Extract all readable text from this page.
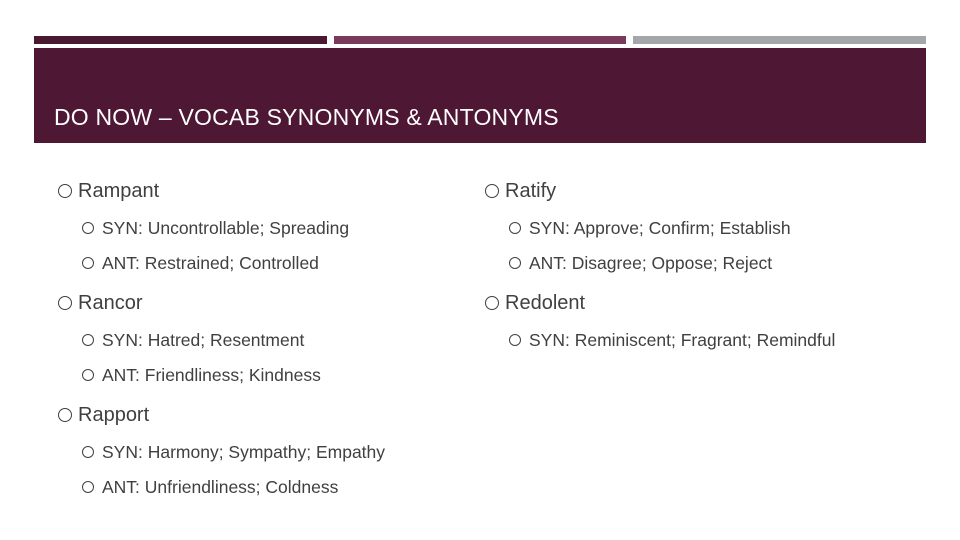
DO NOW – VOCAB SYNONYMS & ANTONYMS
Rampant
SYN: Uncontrollable; Spreading
ANT: Restrained; Controlled
Rancor
SYN: Hatred; Resentment
ANT: Friendliness; Kindness
Rapport
SYN: Harmony; Sympathy; Empathy
ANT: Unfriendliness; Coldness
Ratify
SYN: Approve; Confirm; Establish
ANT: Disagree; Oppose; Reject
Redolent
SYN: Reminiscent; Fragrant; Remindful
